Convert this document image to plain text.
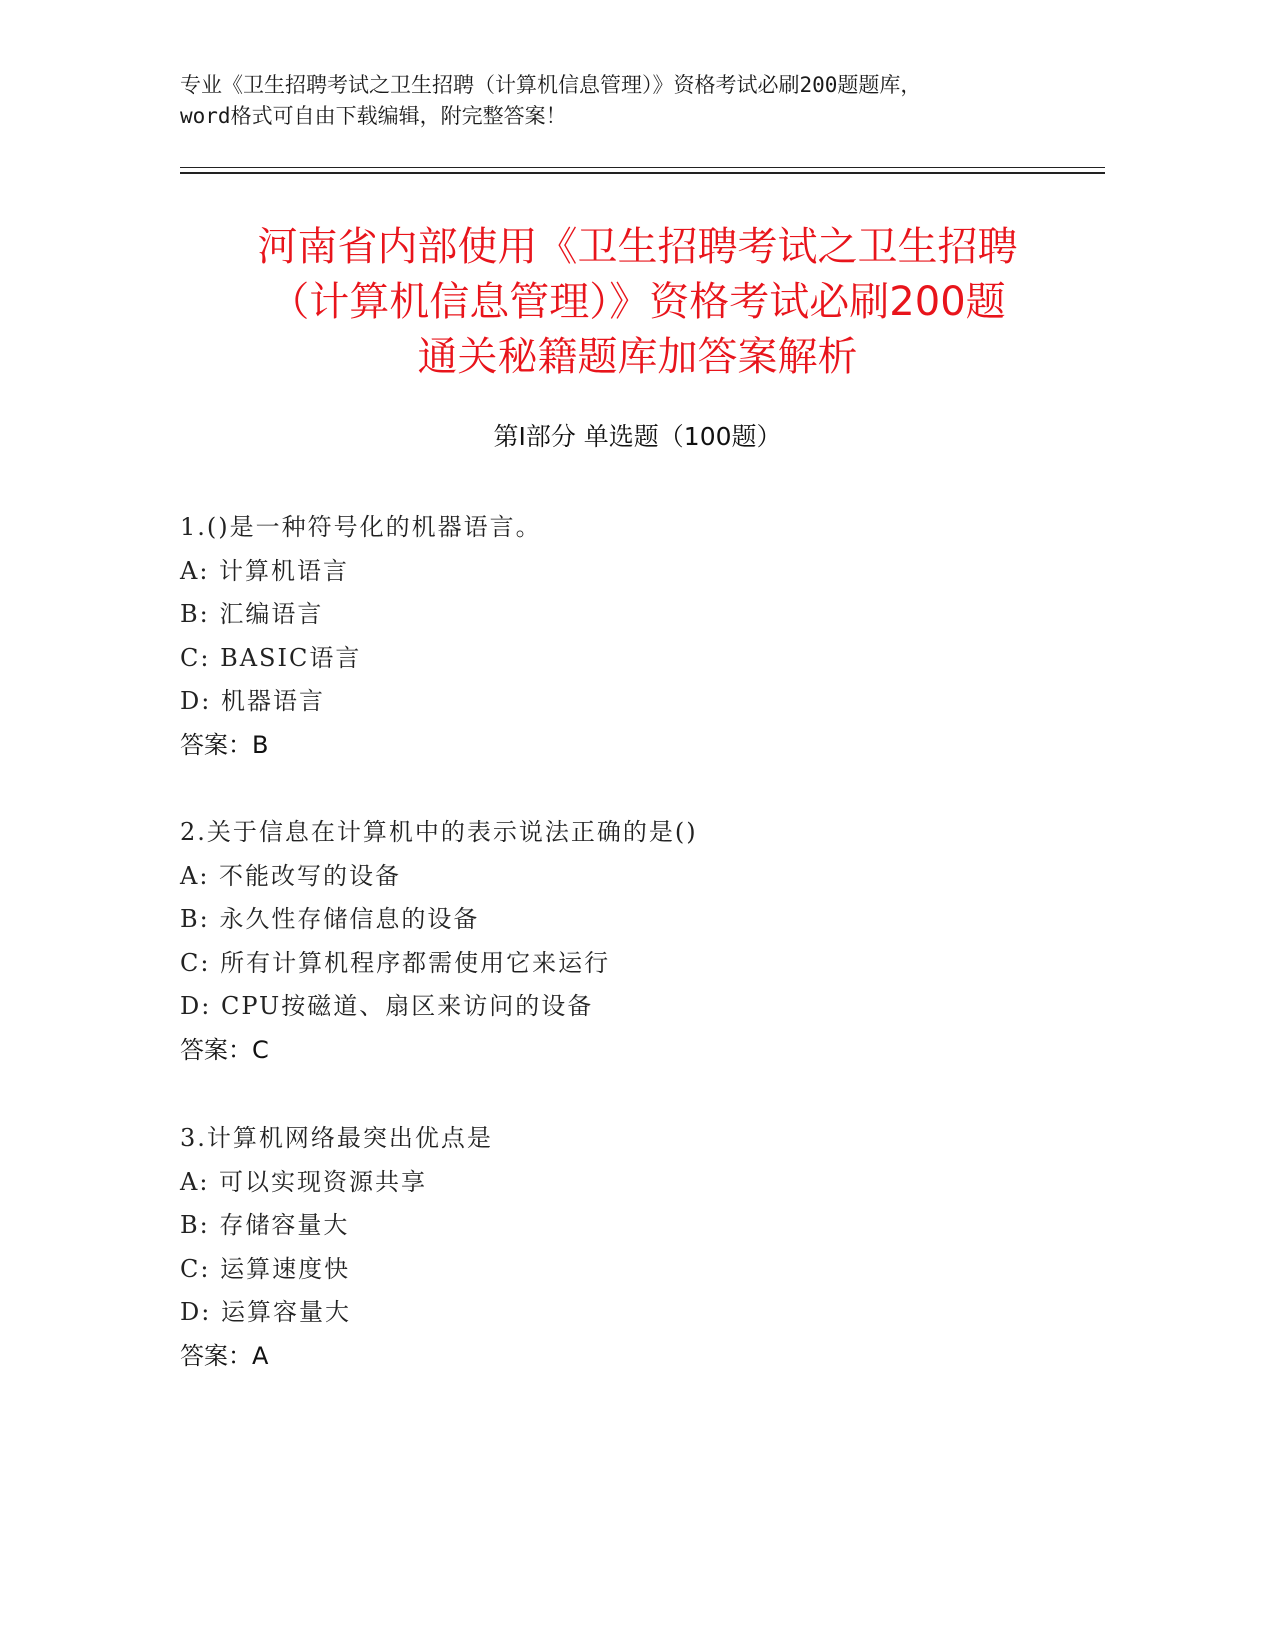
专业《卫生招聘考试之卫生招聘（计算机信息管理）》资格考试必刷200题题库，
word格式可自由下载编辑，附完整答案！
河南省内部使用《卫生招聘考试之卫生招聘
（计算机信息管理）》资格考试必刷200题
通关秘籍题库加答案解析
第Ⅰ部分 单选题（100题）
1.()是一种符号化的机器语言。
A: 计算机语言
B: 汇编语言
C: BASIC语言
D: 机器语言
答案：B
2.关于信息在计算机中的表示说法正确的是()
A: 不能改写的设备
B: 永久性存储信息的设备
C: 所有计算机程序都需使用它来运行
D: CPU按磁道、扇区来访问的设备
答案：C
3.计算机网络最突出优点是
A: 可以实现资源共享
B: 存储容量大
C: 运算速度快
D: 运算容量大
答案：A
